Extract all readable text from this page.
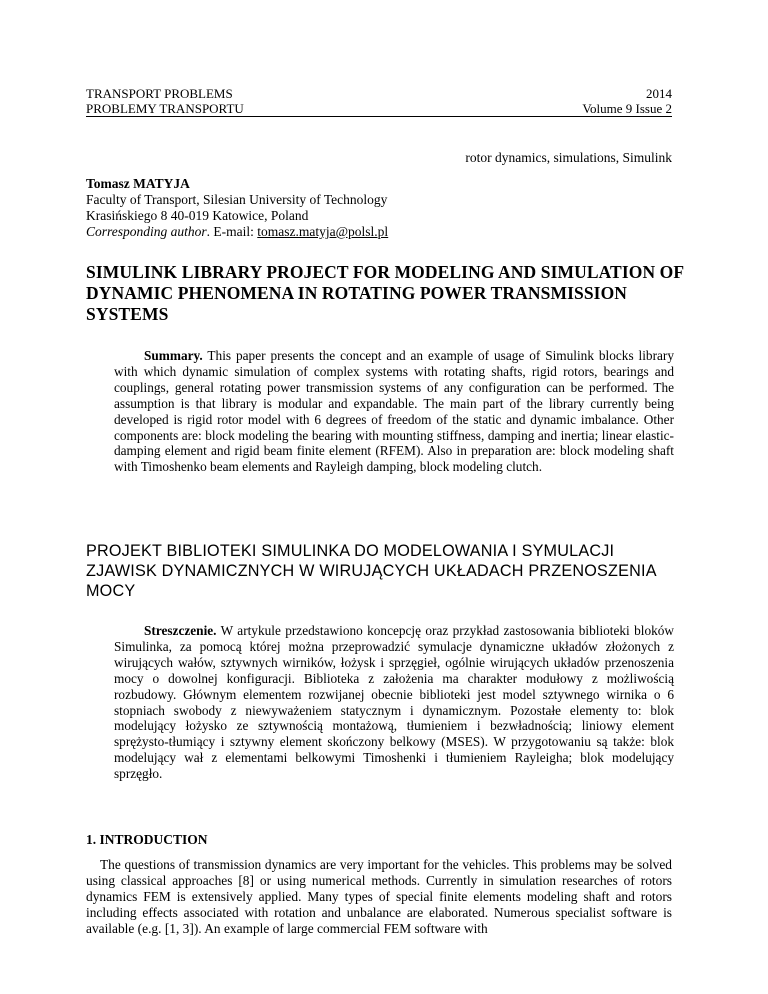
TRANSPORT PROBLEMS
PROBLEMY TRANSPORTU
2014
Volume 9 Issue 2
rotor dynamics, simulations, Simulink
Tomasz MATYJA
Faculty of Transport, Silesian University of Technology
Krasińskiego 8 40-019 Katowice, Poland
Corresponding author. E-mail: tomasz.matyja@polsl.pl
SIMULINK LIBRARY PROJECT FOR MODELING AND SIMULATION OF DYNAMIC PHENOMENA IN ROTATING POWER TRANSMISSION SYSTEMS
Summary. This paper presents the concept and an example of usage of Simulink blocks library with which dynamic simulation of complex systems with rotating shafts, rigid rotors, bearings and couplings, general rotating power transmission systems of any configuration can be performed. The assumption is that library is modular and expandable. The main part of the library currently being developed is rigid rotor model with 6 degrees of freedom of the static and dynamic imbalance. Other components are: block modeling the bearing with mounting stiffness, damping and inertia; linear elastic-damping element and rigid beam finite element (RFEM). Also in preparation are: block modeling shaft with Timoshenko beam elements and Rayleigh damping, block modeling clutch.
PROJEKT BIBLIOTEKI SIMULINKA DO MODELOWANIA I SYMULACJI ZJAWISK DYNAMICZNYCH W WIRUJĄCYCH UKŁADACH PRZENOSZENIA MOCY
Streszczenie. W artykule przedstawiono koncepcję oraz przykład zastosowania biblioteki bloków Simulinka, za pomocą której można przeprowadzić symulacje dynamiczne układów złożonych z wirujących wałów, sztywnych wirników, łożysk i sprzęgieł, ogólnie wirujących układów przenoszenia mocy o dowolnej konfiguracji. Biblioteka z założenia ma charakter modułowy z możliwością rozbudowy. Głównym elementem rozwijanej obecnie biblioteki jest model sztywnego wirnika o 6 stopniach swobody z niewyważeniem statycznym i dynamicznym. Pozostałe elementy to: blok modelujący łożysko ze sztywnością montażową, tłumieniem i bezwładnością; liniowy element sprężysto-tłumiący i sztywny element skończony belkowy (MSES). W przygotowaniu są także: blok modelujący wał z elementami belkowymi Timoshenki i tłumieniem Rayleigha; blok modelujący sprzęgło.
1. INTRODUCTION
The questions of transmission dynamics are very important for the vehicles. This problems may be solved using classical approaches [8] or using numerical methods. Currently in simulation researches of rotors dynamics FEM is extensively applied. Many types of special finite elements modeling shaft and rotors including effects associated with rotation and unbalance are elaborated. Numerous specialist software is available (e.g. [1, 3]). An example of large commercial FEM software with
